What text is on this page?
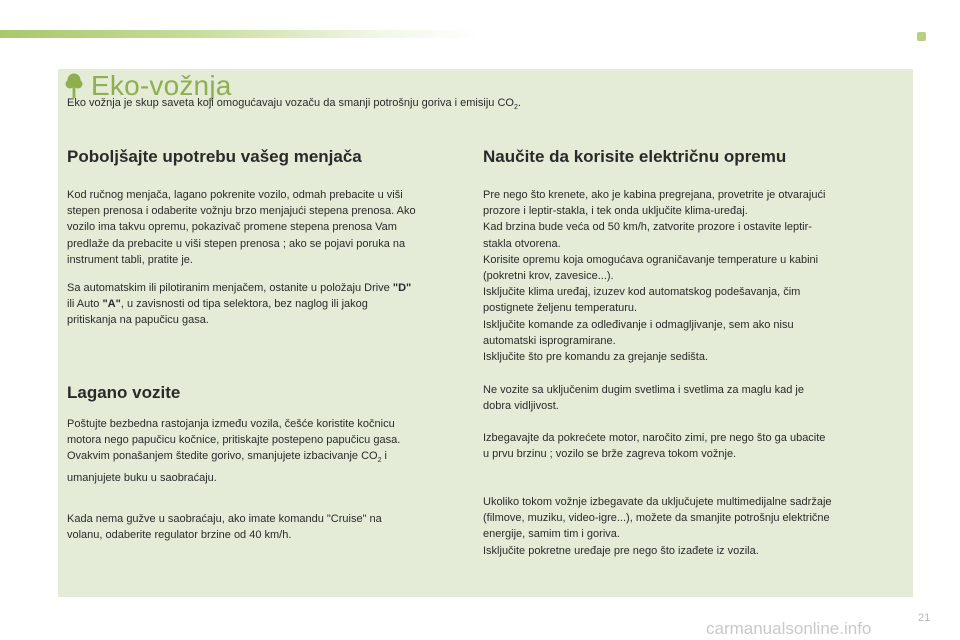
Eko-vožnja
Eko vožnja je skup saveta koji omogućavaju vozaču da smanji potrošnju goriva i emisiju $CO_2$.
Poboljšajte upotrebu vašeg menjača
Kod ručnog menjača, lagano pokrenite vozilo, odmah prebacite u viši
stepen prenosa i odaberite vožnju brzo menjajući stepena prenosa. Ako
vozilo ima takvu opremu, pokazivač promene stepena prenosa Vam
predlaže da prebacite u viši stepen prenosa ; ako se pojavi poruka na
instrument tabli, pratite je.
Sa automatskim ili pilotiranim menjačem, ostanite u položaju Drive "D"
ili Auto "A", u zavisnosti od tipa selektora, bez naglog ili jakog
pritiskanja na papučicu gasa.
Lagano vozite
Poštujte bezbedna rastojanja između vozila, češće koristite kočnicu
motora nego papučicu kočnice, pritiskajte postepeno papučicu gasa.
Ovakvim ponašanjem štedite gorivo, smanjujete izbacivanje $CO_2$ i
umanjujete buku u saobraćaju.
Kada nema gužve u saobraćaju, ako imate komandu "Cruise" na
volanu, odaberite regulator brzine od 40 km/h.
Naučite da korisite električnu opremu
Pre nego što krenete, ako je kabina pregrejana, provetrite je otvarajući
prozore i leptir-stakla, i tek onda uključite klima-uređaj.
Kad brzina bude veća od 50 km/h, zatvorite prozore i ostavite leptir-
stakla otvorena.
Korisite opremu koja omogućava ograničavanje temperature u kabini
(pokretni krov, zavesice...).
Isključite klima uređaj, izuzev kod automatskog podešavanja, čim
postignete željenu temperaturu.
Isključite komande za odleđivanje i odmagljivanje, sem ako nisu
automatski isprogramirane.
Isključite što pre komandu za grejanje sedišta.
Ne vozite sa uključenim dugim svetlima i svetlima za maglu kad je
dobra vidljivost.
Izbegavajte da pokrećete motor, naročito zimi, pre nego što ga ubacite
u prvu brzinu ; vozilo se brže zagreva tokom vožnje.
Ukoliko tokom vožnje izbegavate da uključujete multimedijalne sadržaje
(filmove, muziku, video-igre...), možete da smanjite potrošnju električne
energije, samim tim i goriva.
Isključite pokretne uređaje pre nego što izađete iz vozila.
21
carmanualsonline.info
